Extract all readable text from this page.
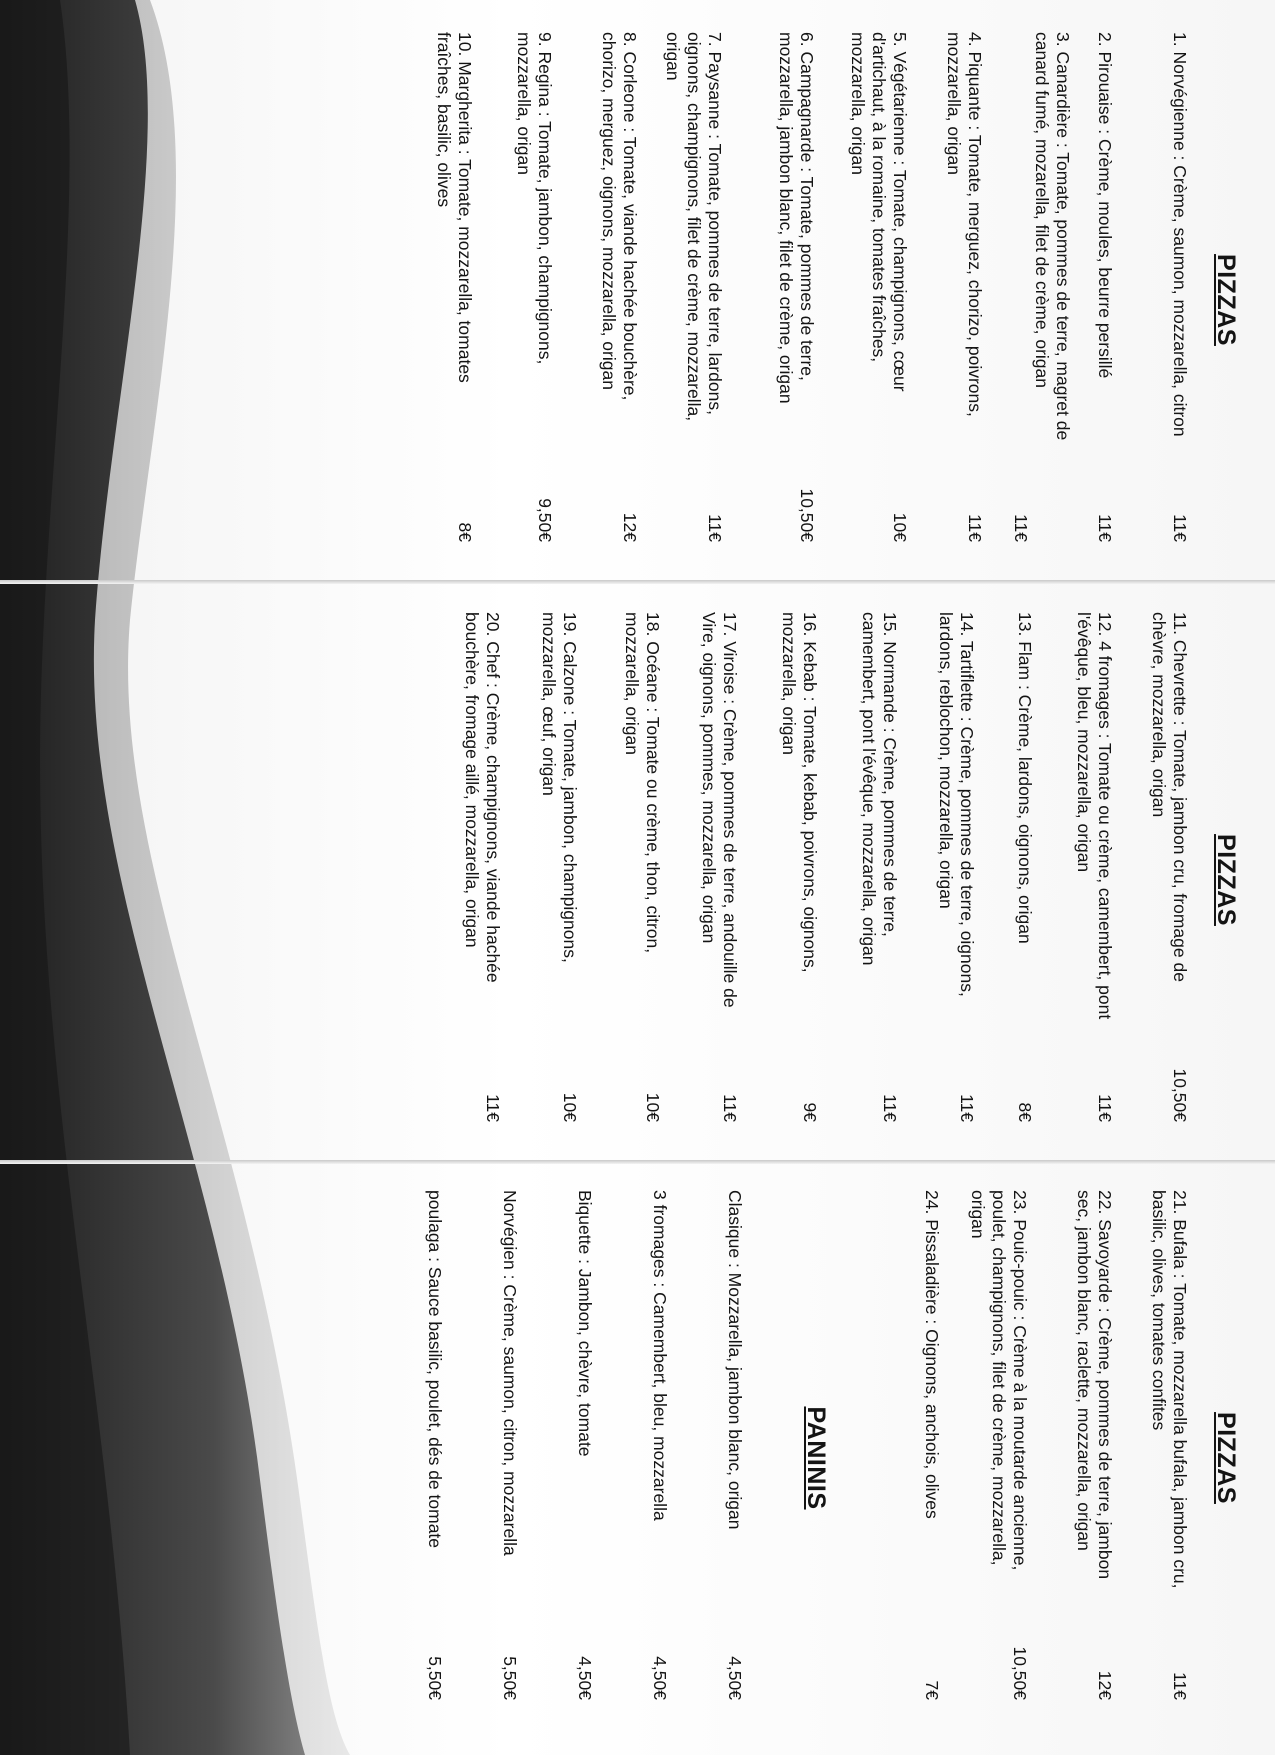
PIZZAS
1. Norvégienne : Crème, saumon, mozzarella, citron
11€
2. Pirouaise : Crème, moules, beurre persillé
11€
3. Canardière : Tomate, pommes de terre, magret de canard fumé, mozarella, filet de crème, origan
11€
4. Piquante : Tomate, merguez, chorizo, poivrons, mozzarella, origan
11€
5. Végétarienne : Tomate, champignons, cœur d'artichaut, à la romaine, tomates fraîches, mozzarella, origan
10€
6. Campagnarde : Tomate, pommes de terre, mozzarella, jambon blanc, filet de crème, origan
10,50€
7. Paysanne : Tomate, pommes de terre, lardons, oignons, champignons, filet de crème, mozzarella, origan
11€
8. Corleone : Tomate, viande hachée bouchère, chorizo, merguez, oignons, mozzarella, origan
12€
9. Regina : Tomate, jambon, champignons, mozzarella, origan
9,50€
10. Margherita : Tomate, mozzarella, tomates fraîches, basilic, olives
8€
PIZZAS
11. Chevrette : Tomate, jambon cru, fromage de chèvre, mozzarella, origan
10,50€
12. 4 fromages : Tomate ou crème, camembert, pont l'évêque, bleu, mozzarella, origan
11€
13. Flam : Crème, lardons, oignons, origan
8€
14. Tartiflette : Crème, pommes de terre, oignons, lardons, reblochon, mozzarella, origan
11€
15. Normande : Crème, pommes de terre, camembert, pont l'évêque, mozzarella, origan
11€
16. Kebab : Tomate, kebab, poivrons, oignons, mozzarella, origan
9€
17. Viroise : Crème, pommes de terre, andouille de Vire, oignons, pommes, mozzarella, origan
11€
18. Océane : Tomate ou crème, thon, citron, mozzarella, origan
10€
19. Calzone : Tomate, jambon, champignons, mozzarella, œuf, origan
10€
20. Chef : Crème, champignons, viande hachée bouchère, fromage aillé, mozzarella, origan
11€
PIZZAS
21. Bufala : Tomate, mozzarella bufala, jambon cru, basilic, olives, tomates confites
11€
22. Savoyarde : Crème, pommes de terre, jambon sec, jambon blanc, raclette, mozzarella, origan
12€
23. Pouic-pouic : Crème à la moutarde ancienne, poulet, champignons, filet de crème, mozzarella, origan
10,50€
24. Pissaladière : Oignons, anchois, olives
7€
PANINIS
Clasique : Mozzarella, jambon blanc, origan
4,50€
3 fromages : Camembert, bleu, mozzarella
4,50€
Biquette : Jambon, chèvre, tomate
4,50€
Norvégien : Crème, saumon, citron, mozzarella
5,50€
poulaga : Sauce basilic, poulet, dés de tomate
5,50€
